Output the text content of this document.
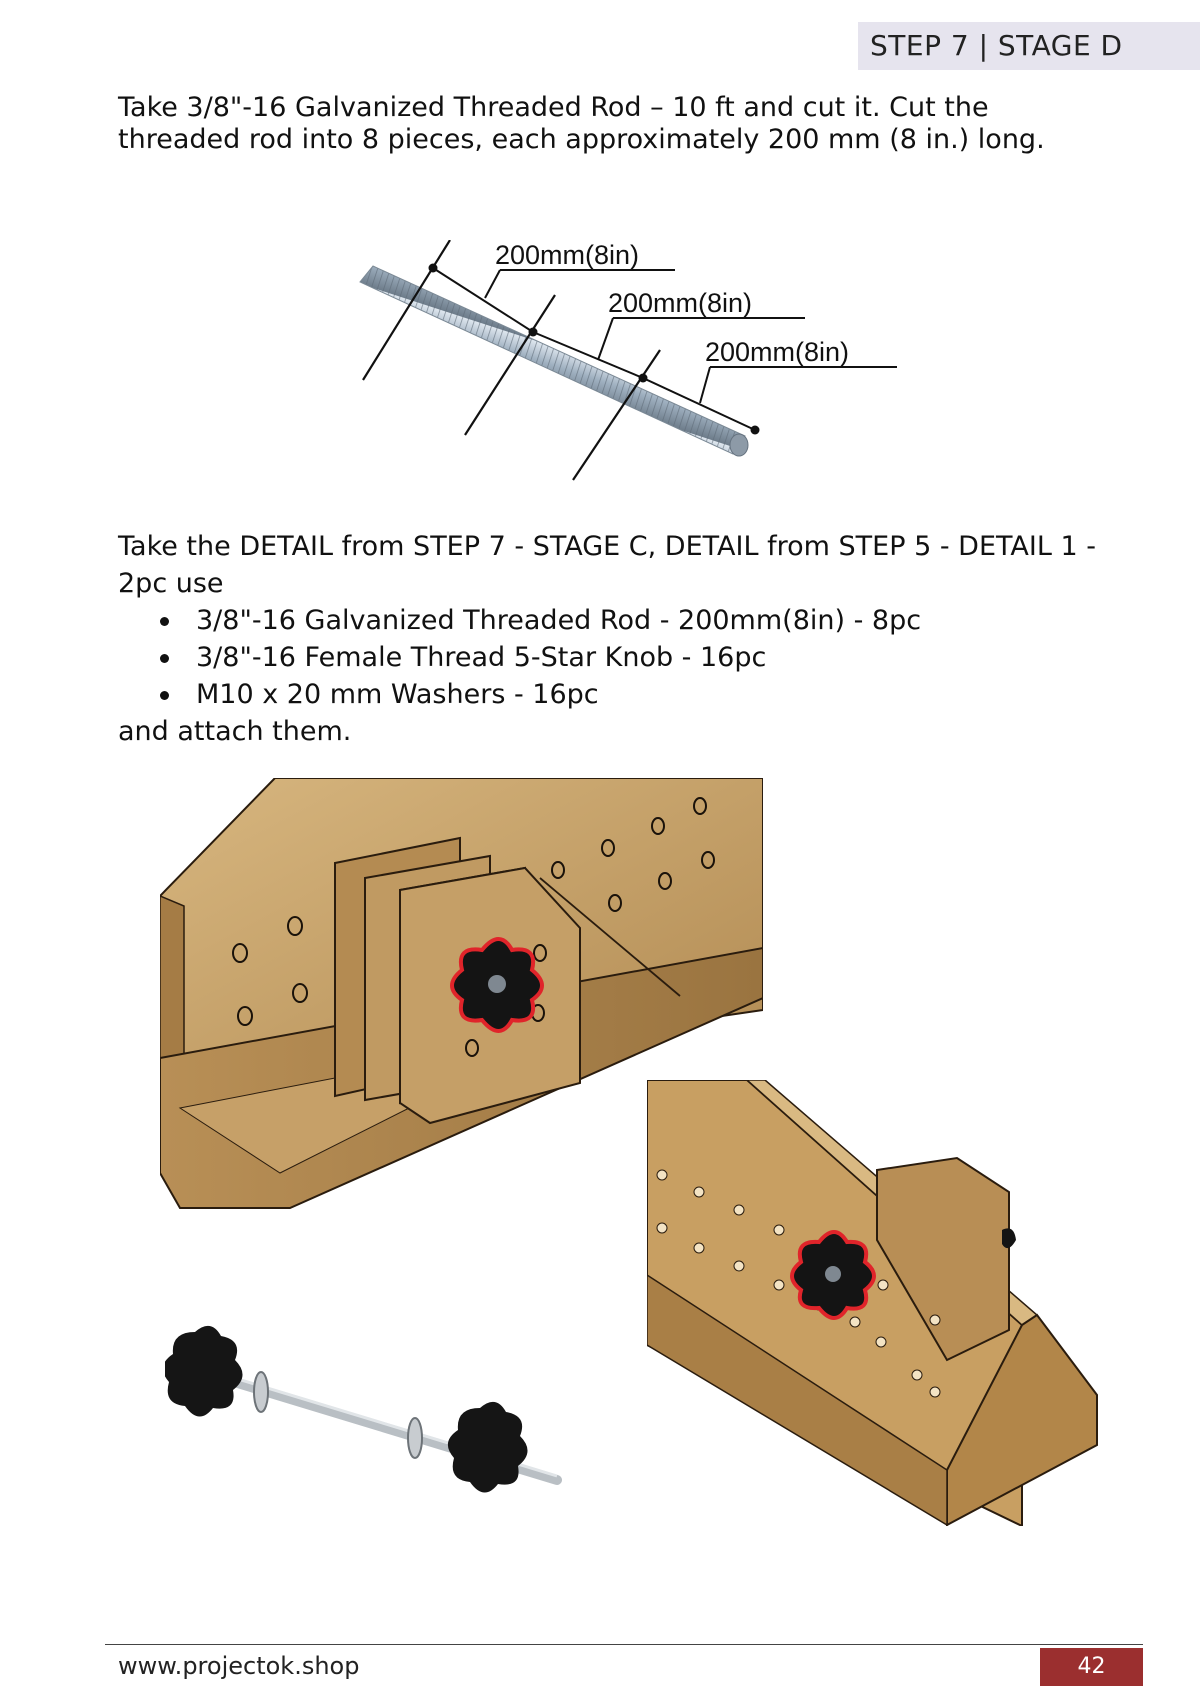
STEP 7 | STAGE D

Take 3/8"-16 Galvanized Threaded Rod – 10 ft and cut it. Cut the threaded rod into 8 pieces, each approximately 200 mm (8 in.) long.

200mm(8in)
200mm(8in)
200mm(8in)
Take the DETAIL from STEP 7 - STAGE C, DETAIL from STEP 5 - DETAIL 1 - 2pc use
3/8"-16 Galvanized Threaded Rod - 200mm(8in) - 8pc
3/8"-16 Female Thread 5-Star Knob - 16pc
M10 x 20 mm Washers - 16pc
and attach them.
www.projectok.shop	42
